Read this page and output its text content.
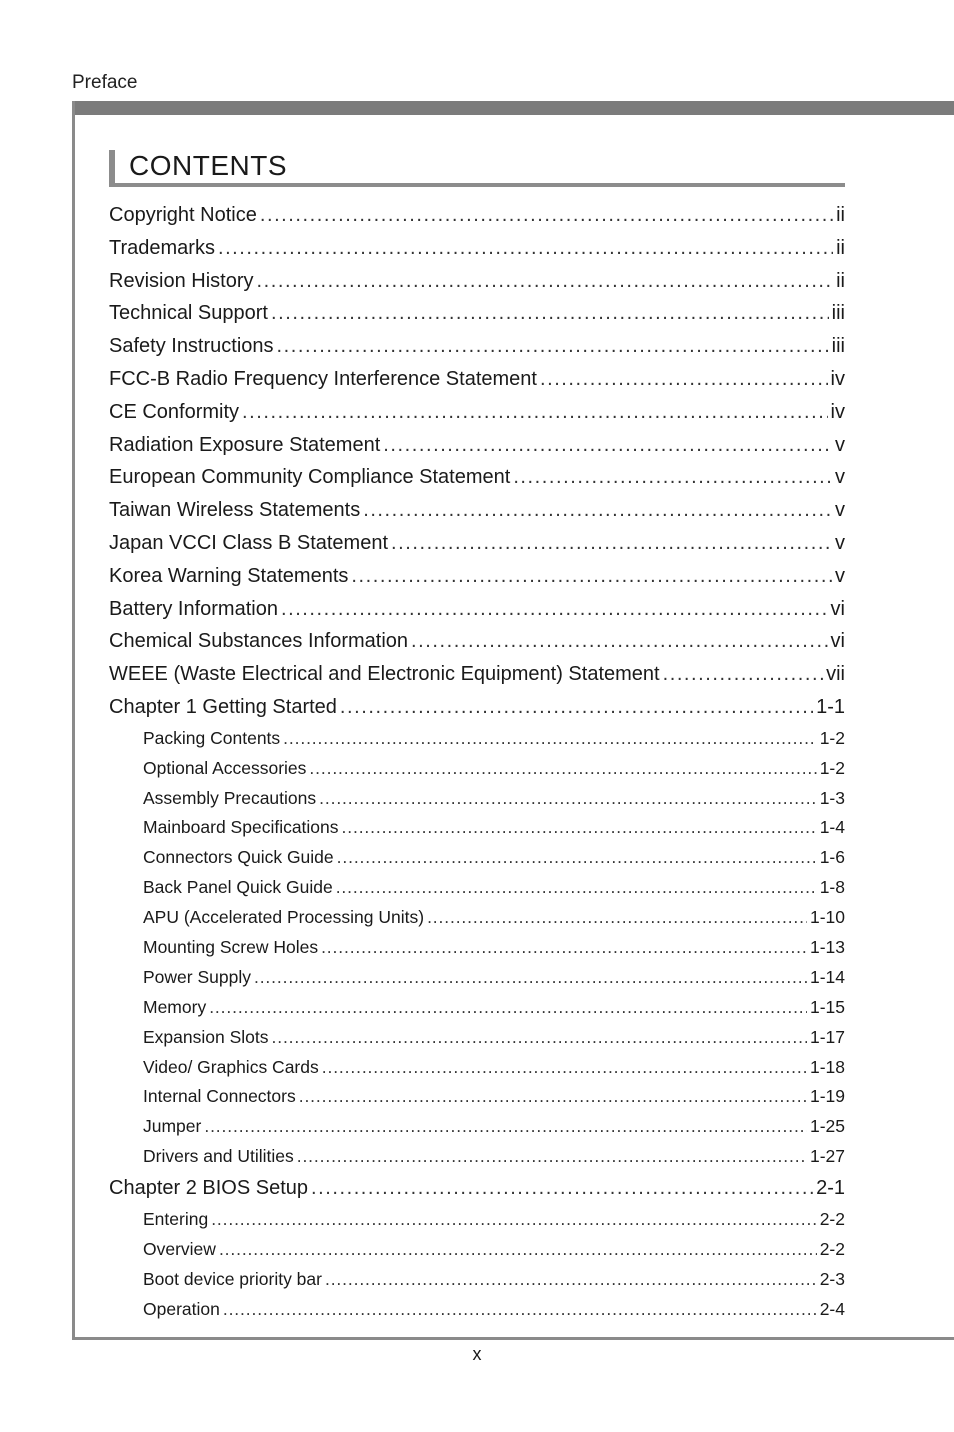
Preface
CONTENTS
Copyright Notice . . .	ii
Trademarks . . .	ii
Revision History . . .	ii
Technical Support . . .	iii
Safety Instructions . . .	iii
FCC-B Radio Frequency Interference Statement . . .	iv
CE Conformity . . .	iv
Radiation Exposure Statement . . .	v
European Community Compliance Statement . . .	v
Taiwan Wireless Statements . . .	v
Japan VCCI Class B Statement . . .	v
Korea Warning Statements . . .	v
Battery Information . . .	vi
Chemical Substances Information . . .	vi
WEEE (Waste Electrical and Electronic Equipment) Statement . . .	vii
Chapter 1 Getting Started . . .	1-1
Packing Contents . . .	1-2
Optional Accessories . . .	1-2
Assembly Precautions . . .	1-3
Mainboard Specifications . . .	1-4
Connectors Quick Guide . . .	1-6
Back Panel Quick Guide . . .	1-8
APU (Accelerated Processing Units) . . .	1-10
Mounting Screw Holes . . .	1-13
Power Supply . . .	1-14
Memory . . .	1-15
Expansion Slots . . .	1-17
Video/ Graphics Cards . . .	1-18
Internal Connectors . . .	1-19
Jumper . . .	1-25
Drivers and Utilities . . .	1-27
Chapter 2 BIOS Setup . . .	2-1
Entering . . .	2-2
Overview . . .	2-2
Boot device priority bar . . .	2-3
Operation . . .	2-4
x
